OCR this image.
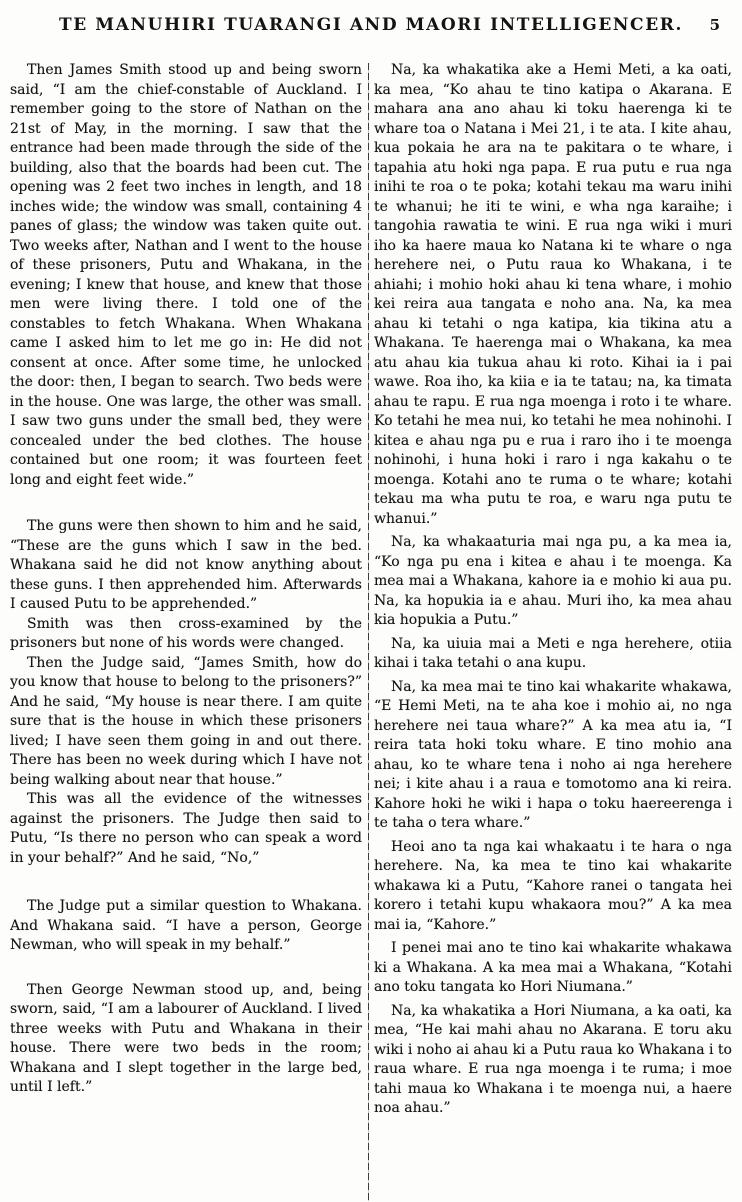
TE MANUHIRI TUARANGI AND MAORI INTELLIGENCER.	5

Then James Smith stood up and being sworn said, “I am the chief-constable of Auckland. I remember going to the store of Nathan on the 21st of May, in the morning. I saw that the entrance had been made through the side of the building, also that the boards had been cut. The opening was 2 feet two inches in length, and 18 inches wide; the window was small, containing 4 panes of glass; the window was taken quite out. Two weeks after, Nathan and I went to the house of these prisoners, Putu and Whakana, in the evening; I knew that house, and knew that those men were living there. I told one of the constables to fetch Whakana. When Whakana came I asked him to let me go in: He did not consent at once. After some time, he unlocked the door: then, I began to search. Two beds were in the house. One was large, the other was small. I saw two guns under the small bed, they were concealed under the bed clothes. The house contained but one room; it was fourteen feet long and eight feet wide.”

The guns were then shown to him and he said, “These are the guns which I saw in the bed. Whakana said he did not know anything about these guns. I then apprehended him. Afterwards I caused Putu to be apprehended.”

Smith was then cross-examined by the prisoners but none of his words were changed.

Then the Judge said, “James Smith, how do you know that house to belong to the prisoners?” And he said, “My house is near there. I am quite sure that is the house in which these prisoners lived; I have seen them going in and out there. There has been no week during which I have not being walking about near that house.”

This was all the evidence of the witnesses against the prisoners. The Judge then said to Putu, “Is there no person who can speak a word in your behalf?” And he said, “No,”

The Judge put a similar question to Whakana. And Whakana said. “I have a person, George Newman, who will speak in my behalf.”

Then George Newman stood up, and, being sworn, said, “I am a labourer of Auckland. I lived three weeks with Putu and Whakana in their house. There were two beds in the room; Whakana and I slept together in the large bed, until I left.”

Na, ka whakatika ake a Hemi Meti, a ka oati, ka mea, “Ko ahau te tino katipa o Akarana. E mahara ana ano ahau ki toku haerenga ki te whare toa o Natana i Mei 21, i te ata. I kite ahau, kua pokaia he ara na te pakitara o te whare, i tapahia atu hoki nga papa. E rua putu e rua nga inihi te roa o te poka; kotahi tekau ma waru inihi te whanui; he iti te wini, e wha nga karaihe; i tangohia rawatia te wini. E rua nga wiki i muri iho ka haere maua ko Natana ki te whare o nga herehere nei, o Putu raua ko Whakana, i te ahiahi; i mohio hoki ahau ki tena whare, i mohio kei reira aua tangata e noho ana. Na, ka mea ahau ki tetahi o nga katipa, kia tikina atu a Whakana. Te haerenga mai o Whakana, ka mea atu ahau kia tukua ahau ki roto. Kihai ia i pai wawe. Roa iho, ka kiia e ia te tatau; na, ka timata ahau te rapu. E rua nga moenga i roto i te whare. Ko tetahi he mea nui, ko tetahi he mea nohinohi. I kitea e ahau nga pu e rua i raro iho i te moenga nohinohi, i huna hoki i raro i nga kakahu o te moenga. Kotahi ano te ruma o te whare; kotahi tekau ma wha putu te roa, e waru nga putu te whanui.”

Na, ka whakaaturia mai nga pu, a ka mea ia, “Ko nga pu ena i kitea e ahau i te moenga. Ka mea mai a Whakana, kahore ia e mohio ki aua pu. Na, ka hopukia ia e ahau. Muri iho, ka mea ahau kia hopukia a Putu.”

Na, ka uiuia mai a Meti e nga herehere, otiia kihai i taka tetahi o ana kupu.

Na, ka mea mai te tino kai whakarite whakawa, “E Hemi Meti, na te aha koe i mohio ai, no nga herehere nei taua whare?” A ka mea atu ia, “I reira tata hoki toku whare. E tino mohio ana ahau, ko te whare tena i noho ai nga herehere nei; i kite ahau i a raua e tomotomo ana ki reira. Kahore hoki he wiki i hapa o toku haereerenga i te taha o tera whare.”

Heoi ano ta nga kai whakaatu i te hara o nga herehere. Na, ka mea te tino kai whakarite whakawa ki a Putu, “Kahore ranei o tangata hei korero i tetahi kupu whakaora mou?” A ka mea mai ia, “Kahore.”

I penei mai ano te tino kai whakarite whakawa ki a Whakana. A ka mea mai a Whakana, “Kotahi ano toku tangata ko Hori Niumana.”

Na, ka whakatika a Hori Niumana, a ka oati, ka mea, “He kai mahi ahau no Akarana. E toru aku wiki i noho ai ahau ki a Putu raua ko Whakana i to raua whare. E rua nga moenga i te ruma; i moe tahi maua ko Whakana i te moenga nui, a haere noa ahau.”
